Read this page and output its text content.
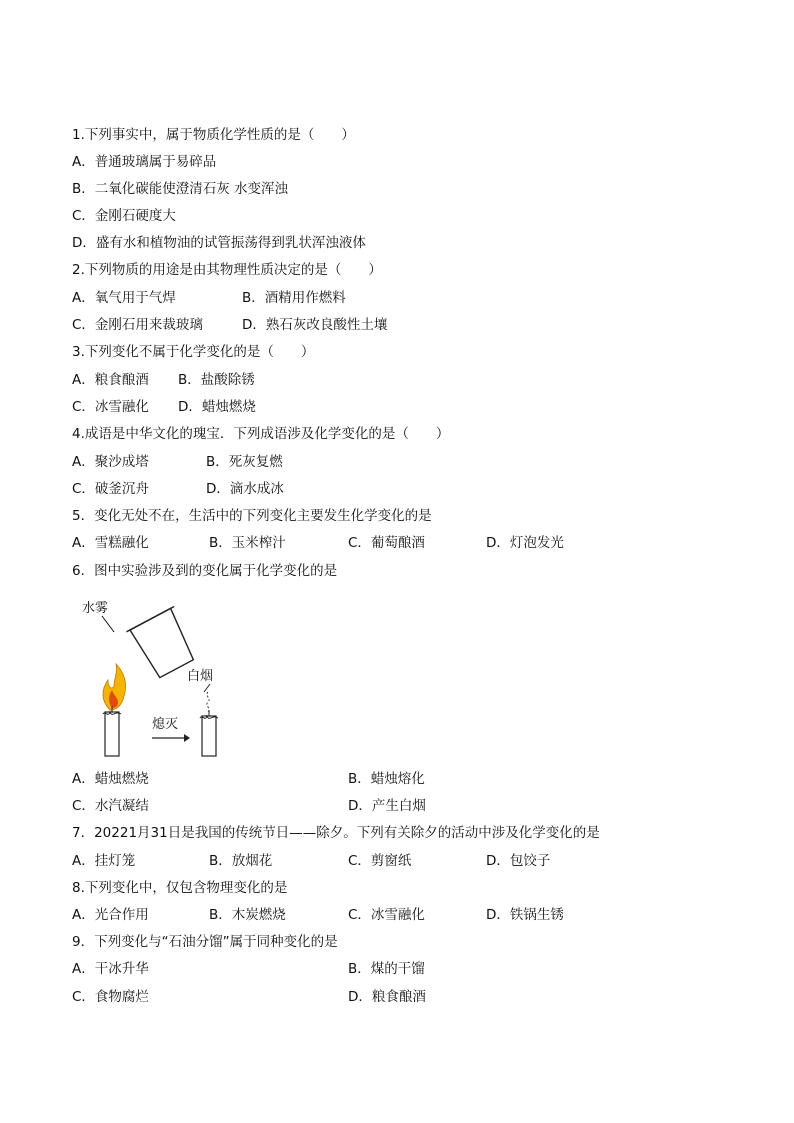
1.下列事实中，属于物质化学性质的是（　　）
A．普通玻璃属于易碎品
B．二氧化碳能使澄清石灰 水变浑浊
C．金刚石硬度大
D．盛有水和植物油的试管振荡得到乳状浑浊液体
2.下列物质的用途是由其物理性质决定的是（　　）
A．氧气用于气焊	B．酒精用作燃料
C．金刚石用来裁玻璃	D．熟石灰改良酸性土壤
3.下列变化不属于化学变化的是（　　）
A．粮食酿酒 B．盐酸除锈
C．冰雪融化 D．蜡烛燃烧
4.成语是中华文化的瑰宝．下列成语涉及化学变化的是（　　）
A．聚沙成塔	B．死灰复燃
C．破釜沉舟	D．滴水成冰
5．变化无处不在，生活中的下列变化主要发生化学变化的是
A．雪糕融化	B．玉米榨汁	C．葡萄酿酒	D．灯泡发光
6．图中实验涉及到的变化属于化学变化的是
水雾
熄灭
白烟
A．蜡烛燃烧	B．蜡烛熔化
C．水汽凝结	D．产生白烟
7．20221月31日是我国的传统节日——除夕。下列有关除夕的活动中涉及化学变化的是
A．挂灯笼	B．放烟花	C．剪窗纸	D．包饺子
8.下列变化中，仅包含物理变化的是
A．光合作用	B．木炭燃烧	C．冰雪融化	D．铁锅生锈
9．下列变化与“石油分馏”属于同种变化的是
A．干冰升华	B．煤的干馏
C．食物腐烂	D．粮食酿酒
